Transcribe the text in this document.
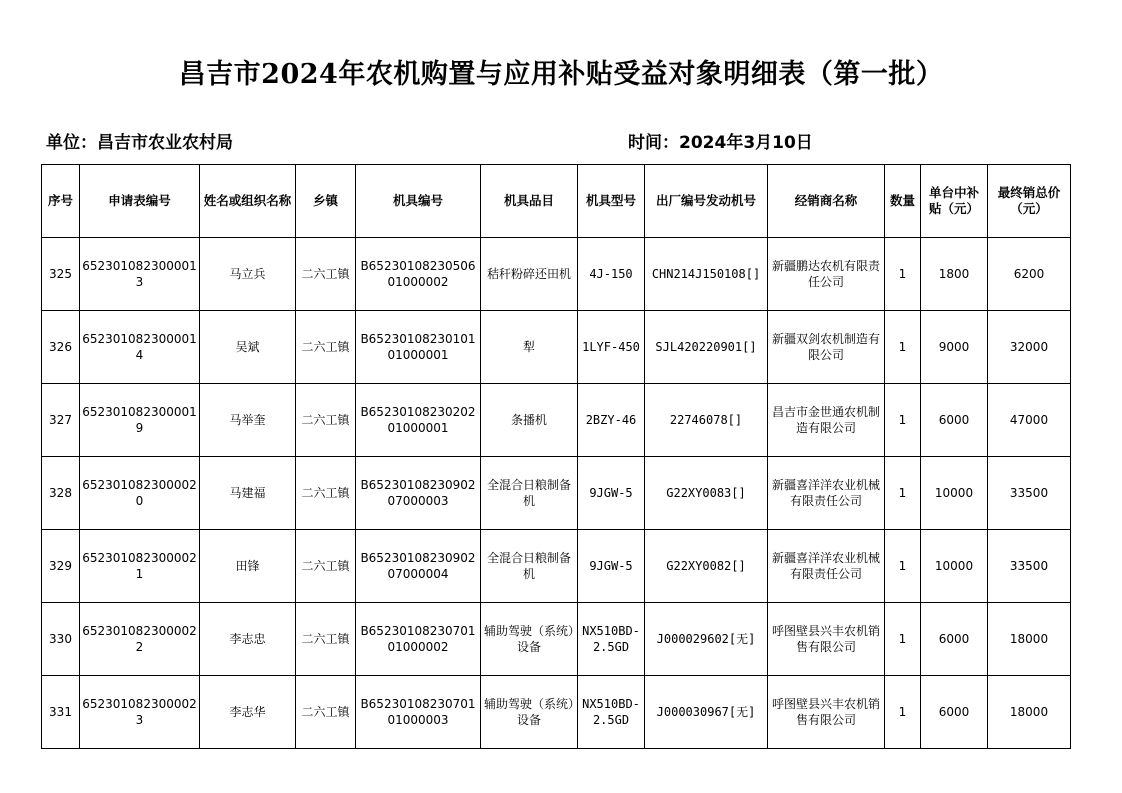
昌吉市2024年农机购置与应用补贴受益对象明细表（第一批）
单位：昌吉市农业农村局	时间：2024年3月10日
序号	申请表编号	姓名或组织名称	乡镇	机具编号	机具品目	机具型号	出厂编号发动机号	经销商名称	数量	单台中补贴（元）	最终销总价（元）
325	6523010823000013	马立兵	二六工镇	B6523010823050601000002	秸秆粉碎还田机	4J-150	CHN214J150108[]	新疆鹏达农机有限责任公司	1	1800	6200
326	6523010823000014	吴斌	二六工镇	B6523010823010101000001	犁	1LYF-450	SJL420220901[]	新疆双剑农机制造有限公司	1	9000	32000
327	6523010823000019	马举奎	二六工镇	B6523010823020201000001	条播机	2BZY-46	22746078[]	昌吉市金世通农机制造有限公司	1	6000	47000
328	6523010823000020	马建福	二六工镇	B6523010823090207000003	全混合日粮制备机	9JGW-5	G22XY0083[]	新疆喜洋洋农业机械有限责任公司	1	10000	33500
329	6523010823000021	田锋	二六工镇	B6523010823090207000004	全混合日粮制备机	9JGW-5	G22XY0082[]	新疆喜洋洋农业机械有限责任公司	1	10000	33500
330	6523010823000022	李志忠	二六工镇	B6523010823070101000002	辅助驾驶（系统）设备	NX510BD-2.5GD	J000029602[无]	呼图壁县兴丰农机销售有限公司	1	6000	18000
331	6523010823000023	李志华	二六工镇	B6523010823070101000003	辅助驾驶（系统）设备	NX510BD-2.5GD	J000030967[无]	呼图壁县兴丰农机销售有限公司	1	6000	18000
